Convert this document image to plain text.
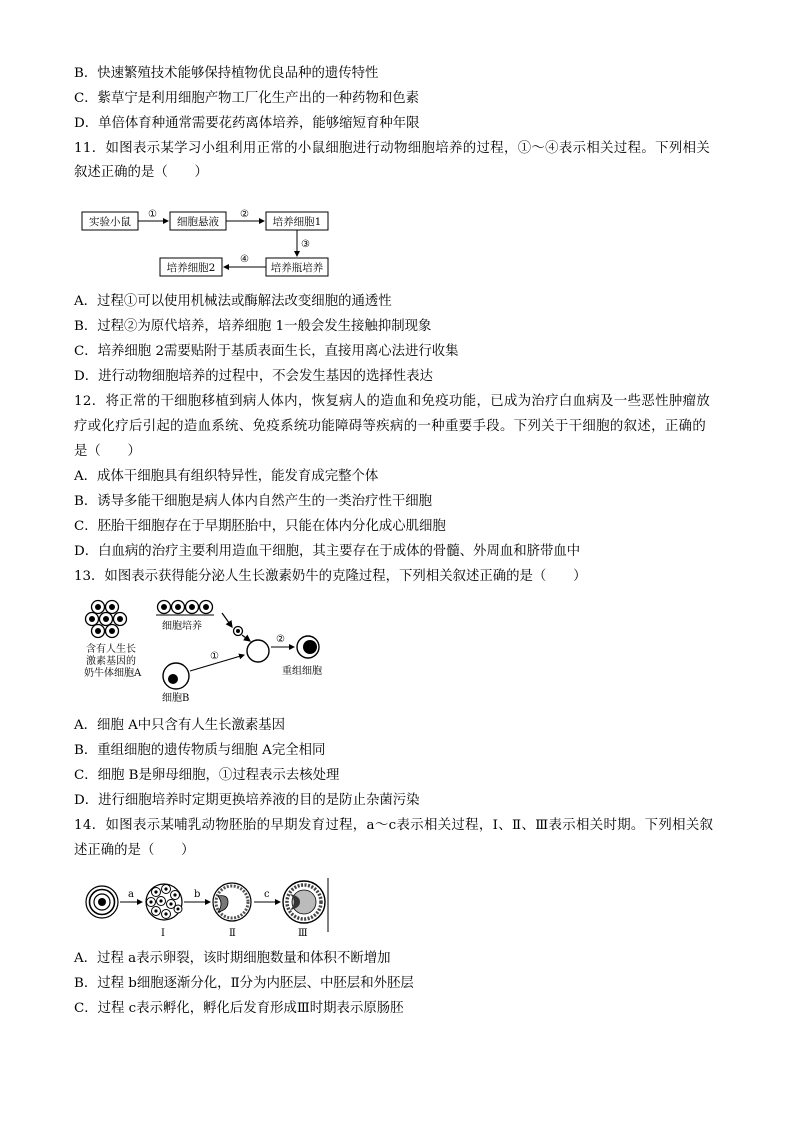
B．快速繁殖技术能够保持植物优良品种的遗传特性
C．紫草宁是利用细胞产物工厂化生产出的一种药物和色素
D．单倍体育种通常需要花药离体培养，能够缩短育种年限
11．如图表示某学习小组利用正常的小鼠细胞进行动物细胞培养的过程，①～④表示相关过程。下列相关
叙述正确的是（　　）
实验小鼠	细胞悬液	培养细胞1
培养瓶培养
培养细胞2
①	②
③
④
A．过程①可以使用机械法或酶解法改变细胞的通透性
B．过程②为原代培养，培养细胞 1一般会发生接触抑制现象
C．培养细胞 2需要贴附于基质表面生长，直接用离心法进行收集
D．进行动物细胞培养的过程中，不会发生基因的选择性表达
12．将正常的干细胞移植到病人体内，恢复病人的造血和免疫功能，已成为治疗白血病及一些恶性肿瘤放
疗或化疗后引起的造血系统、免疫系统功能障碍等疾病的一种重要手段。下列关于干细胞的叙述，正确的
是（　　）
A．成体干细胞具有组织特异性，能发育成完整个体
B．诱导多能干细胞是病人体内自然产生的一类治疗性干细胞
C．胚胎干细胞存在于早期胚胎中，只能在体内分化成心肌细胞
D．白血病的治疗主要利用造血干细胞，其主要存在于成体的骨髓、外周血和脐带血中
13．如图表示获得能分泌人生长激素奶牛的克隆过程，下列相关叙述正确的是（　　）
含有人生长
激素基因的
奶牛体细胞A
细胞培养
细胞B
①
②
重组细胞
A．细胞 A中只含有人生长激素基因
B．重组细胞的遗传物质与细胞 A完全相同
C．细胞 B是卵母细胞，①过程表示去核处理
D．进行细胞培养时定期更换培养液的目的是防止杂菌污染
14．如图表示某哺乳动物胚胎的早期发育过程，a～c表示相关过程，Ⅰ、Ⅱ、Ⅲ表示相关时期。下列相关叙
述正确的是（　　）
a
Ⅰ
b
Ⅱ
c
Ⅲ
A．过程 a表示卵裂，该时期细胞数量和体积不断增加
B．过程 b细胞逐渐分化，Ⅱ分为内胚层、中胚层和外胚层
C．过程 c表示孵化，孵化后发育形成Ⅲ时期表示原肠胚
